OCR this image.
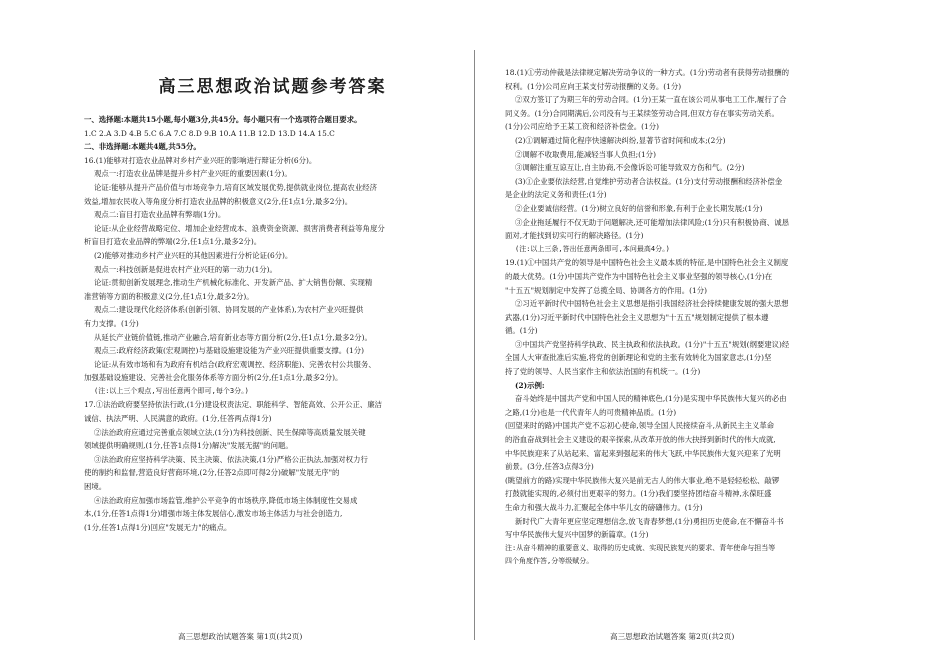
高三思想政治试题参考答案
一、选择题:本题共15小题,每小题3分,共45分。每小题只有一个选项符合题目要求。
1.C 2.A 3.D 4.B 5.C 6.A 7.C 8.D 9.B 10.A 11.B 12.D 13.D 14.A 15.C
二、非选择题:本题共4题,共55分。
16.(1)能够对打造农业品牌对乡村产业兴旺的影响进行辩证分析(6分)。
观点一:打造农业品牌是提升乡村产业兴旺的重要因素(1分)。
论证:能够从提升产品价值与市场竞争力,培育区域发展优势,提供就业岗位,提高农业经济
效益,增加农民收入等角度分析打造农业品牌的积极意义(2分,任1点1分,最多2分)。
观点二:盲目打造农业品牌有弊端(1分)。
论证:从企业经营战略定位、增加企业经营成本、浪费资金资源、损害消费者利益等角度分
析盲目打造农业品牌的弊端(2分,任1点1分,最多2分)。
(2)能够对推动乡村产业兴旺的其他因素进行分析论证(6分)。
观点一:科技创新是促进农村产业兴旺的第一动力(1分)。
论证:贯彻创新发展理念,推动生产机械化标准化、开发新产品、扩大销售份额、实现精
准营销等方面的积极意义(2分,任1点1分,最多2分)。
观点二:建设现代化经济体系(创新引领、协同发展的产业体系),为农村产业兴旺提供
有力支撑。(1分)
从延长产业链价值链,推动产业融合,培育新业态等方面分析(2分,任1点1分,最多2分)。
观点三:政府经济政策(宏观调控)与基础设施建设能为产业兴旺提供重要支撑。(1分)
论证:从有效市场和有为政府有机结合(政府宏观调控、经济职能)、完善农村公共服务、
加强基础设施建设、完善社会化服务体系等方面分析(2分,任1点1分,最多2分)。
(注:以上三个观点,写出任意两个即可,每个3分。)
17.①法治政府要坚持依法行政,(1分)建设权责法定、职能科学、智能高效、公开公正、廉洁
诚信、执法严明、人民满意的政府。(1分,任答两点得1分)
②法治政府应通过完善重点领域立法,(1分)为科技创新、民生保障等高质量发展关键
领域提供明确规则,(1分,任答1点得1分)解决"发展无据"的问题。
③法治政府应坚持科学决策、民主决策、依法决策,(1分)严格公正执法,加强对权力行
使的制约和监督,营造良好营商环境,(2分,任答2点即可得2分)破解"发展无序"的
困境。
④法治政府应加强市场监管,维护公平竞争的市场秩序,降低市场主体制度性交易成
本,(1分,任答1点得1分)增强市场主体发展信心,激发市场主体活力与社会创造力,
(1分,任答1点得1分)回应"发展无力"的痛点。
18.(1)①劳动仲裁是法律规定解决劳动争议的一种方式。(1分)劳动者有获得劳动报酬的
权利。(1分)公司应向王某支付劳动报酬的义务。(1分)
②双方签订了为期三年的劳动合同。(1分)王某一直在该公司从事电工工作,履行了合
同义务。(1分)合同期满后,公司没有与王某续签劳动合同,但双方存在事实劳动关系。
(1分)公司应给予王某工资和经济补偿金。(1分)
(2)①调解通过简化程序快速解决纠纷,显著节省时间和成本;(2分)
②调解不收取费用,能减轻当事人负担;(1分)
③调解注重互谅互让,自主协商,不会像诉讼可能导致双方伤和气。(2分)
(3)①企业要依法经营,自觉维护劳动者合法权益。(1分)支付劳动报酬和经济补偿金
是企业的法定义务和责任;(1分)
②企业要诚信经营。(1分)树立良好的信誉和形象,有利于企业长期发展;(1分)
③企业拖延履行不仅无助于问题解决,还可能增加法律风险;(1分)只有积极协商、诚恳
面对,才能找到切实可行的解决路径。(1分)
(注:以上三条,答出任意两条即可,本问最高4分。)
19.(1)①中国共产党的领导是中国特色社会主义最本质的特征,是中国特色社会主义制度
的最大优势。(1分)中国共产党作为中国特色社会主义事业坚强的领导核心,(1分)在
"十五五"规划制定中发挥了总揽全局、协调各方的作用。(1分)
②习近平新时代中国特色社会主义思想是指引我国经济社会持续健康发展的强大思想
武器,(1分)习近平新时代中国特色社会主义思想为"十五五"规划制定提供了根本遵
循。(1分)
③中国共产党坚持科学执政、民主执政和依法执政。(1分)"十五五"规划(纲要建议)经
全国人大审查批准后实施,将党的创新理论和党的主张有效转化为国家意志,(1分)坚
持了党的领导、人民当家作主和依法治国的有机统一。(1分)
(2)示例:
奋斗始终是中国共产党和中国人民的精神底色,(1分)是实现中华民族伟大复兴的必由
之路,(1分)也是一代代青年人的可贵精神品质。(1分)
(回望来时的路)中国共产党不忘初心使命,领导全国人民接续奋斗,从新民主主义革命
的浴血奋战到社会主义建设的艰辛探索,从改革开放的伟大抉择到新时代的伟大成就,
中华民族迎来了从站起来、富起来到强起来的伟大飞跃,中华民族伟大复兴迎来了光明
前景。(3分,任答3点得3分)
(眺望前方的路)实现中华民族伟大复兴是前无古人的伟大事业,绝不是轻轻松松、敲锣
打鼓就能实现的,必须付出更艰辛的努力。(1分)我们要坚持团结奋斗精神,永葆旺盛
生命力和强大战斗力,汇聚起全体中华儿女的磅礴伟力。(1分)
新时代广大青年更应坚定理想信念,放飞青春梦想,(1分)勇担历史使命,在不懈奋斗书
写中华民族伟大复兴中国梦的新篇章。(1分)
注:从奋斗精神的重要意义、取得的历史成就、实现民族复兴的要求、青年使命与担当等
四个角度作答,分等级赋分。
高三思想政治试题答案 第1页(共2页)	高三思想政治试题答案 第2页(共2页)
